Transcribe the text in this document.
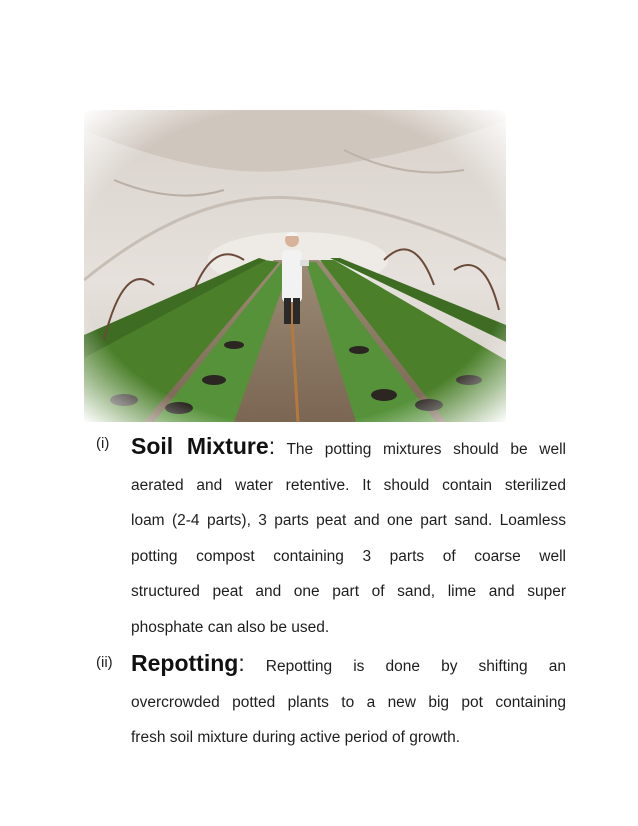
(i) Soil Mixture: The potting mixtures should be well
aerated and water retentive. It should contain sterilized
loam (2-4 parts), 3 parts peat and one part sand. Loamless
potting compost containing 3 parts of coarse well
structured peat and one part of sand, lime and super
phosphate can also be used.
(ii) Repotting: Repotting is done by shifting an
overcrowded potted plants to a new big pot containing
fresh soil mixture during active period of growth.
